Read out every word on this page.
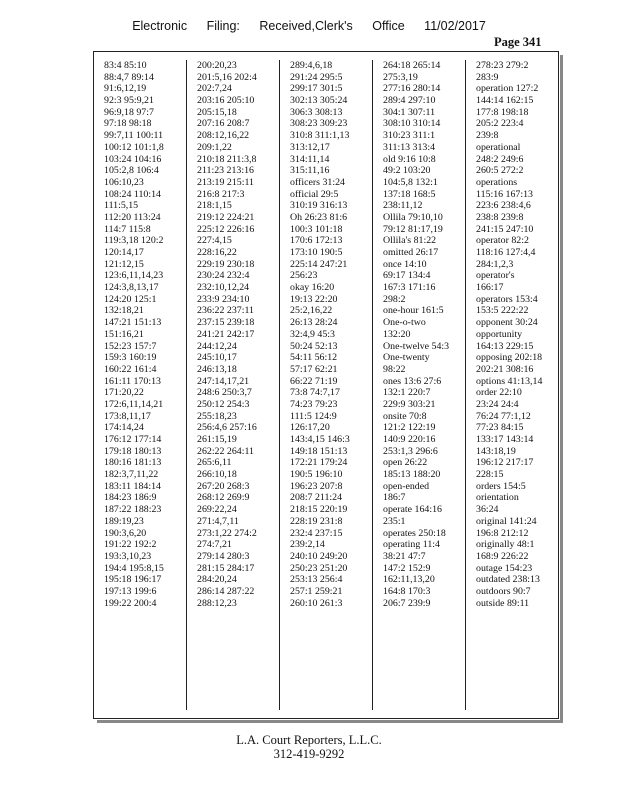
Electronic Filing: Received,Clerk's Office 11/02/2017
Page 341
83:4 85:10
88:4,7 89:14
91:6,12,19
92:3 95:9,21
96:9,18 97:7
97:18 98:18
99:7,11 100:11
100:12 101:1,8
103:24 104:16
105:2,8 106:4
106:10,23
108:24 110:14
111:5,15
112:20 113:24
114:7 115:8
119:3,18 120:2
120:14,17
121:12,15
123:6,11,14,23
124:3,8,13,17
124:20 125:1
132:18,21
147:21 151:13
151:16,21
152:23 157:7
159:3 160:19
160:22 161:4
161:11 170:13
171:20,22
172:6,11,14,21
173:8,11,17
174:14,24
176:12 177:14
179:18 180:13
180:16 181:13
182:3,7,11,22
183:11 184:14
184:23 186:9
187:22 188:23
189:19,23
190:3,6,20
191:22 192:2
193:3,10,23
194:4 195:8,15
195:18 196:17
197:13 199:6
199:22 200:4
200:20,23
201:5,16 202:4
202:7,24
203:16 205:10
205:15,18
207:16 208:7
208:12,16,22
209:1,22
210:18 211:3,8
211:23 213:16
213:19 215:11
216:8 217:3
218:1,15
219:12 224:21
225:12 226:16
227:4,15
228:16,22
229:19 230:18
230:24 232:4
232:10,12,24
233:9 234:10
236:22 237:11
237:15 239:18
241:21 242:17
244:12,24
245:10,17
246:13,18
247:14,17,21
248:6 250:3,7
250:12 254:3
255:18,23
256:4,6 257:16
261:15,19
262:22 264:11
265:6,11
266:10,18
267:20 268:3
268:12 269:9
269:22,24
271:4,7,11
273:1,22 274:2
274:7,21
279:14 280:3
281:15 284:17
284:20,24
286:14 287:22
288:12,23
289:4,6,18
291:24 295:5
299:17 301:5
302:13 305:24
306:3 308:13
308:23 309:23
310:8 311:1,13
313:12,17
314:11,14
315:11,16
officers 31:24
official 29:5
310:19 316:13
Oh 26:23 81:6
100:3 101:18
170:6 172:13
173:10 190:5
225:14 247:21
256:23
okay 16:20
19:13 22:20
25:2,16,22
26:13 28:24
32:4,9 45:3
50:24 52:13
54:11 56:12
57:17 62:21
66:22 71:19
73:8 74:7,17
74:23 79:23
111:5 124:9
126:17,20
143:4,15 146:3
149:18 151:13
172:21 179:24
190:5 196:10
196:23 207:8
208:7 211:24
218:15 220:19
228:19 231:8
232:4 237:15
239:2,14
240:10 249:20
250:23 251:20
253:13 256:4
257:1 259:21
260:10 261:3
264:18 265:14
275:3,19
277:16 280:14
289:4 297:10
304:1 307:11
308:10 310:14
310:23 311:1
311:13 313:4
old 9:16 10:8
49:2 103:20
104:5,8 132:1
137:18 168:5
238:11,12
Ollila 79:10,10
79:12 81:17,19
Ollila's 81:22
omitted 26:17
once 14:10
69:17 134:4
167:3 171:16
298:2
one-hour 161:5
One-o-two
132:20
One-twelve 54:3
One-twenty
98:22
ones 13:6 27:6
132:1 220:7
229:9 303:21
onsite 70:8
121:2 122:19
140:9 220:16
253:1,3 296:6
open 26:22
185:13 188:20
open-ended
186:7
operate 164:16
235:1
operates 250:18
operating 11:4
38:21 47:7
147:2 152:9
162:11,13,20
164:8 170:3
206:7 239:9
278:23 279:2
283:9
operation 127:2
144:14 162:15
177:8 198:18
205:2 223:4
239:8
operational
248:2 249:6
260:5 272:2
operations
115:16 167:13
223:6 238:4,6
238:8 239:8
241:15 247:10
operator 82:2
118:16 127:4,4
284:1,2,3
operator's
166:17
operators 153:4
153:5 222:22
opponent 30:24
opportunity
164:13 229:15
opposing 202:18
202:21 308:16
options 41:13,14
order 22:10
23:24 24:4
76:24 77:1,12
77:23 84:15
133:17 143:14
143:18,19
196:12 217:17
228:15
orders 154:5
orientation
36:24
original 141:24
196:8 212:12
originally 48:1
168:9 226:22
outage 154:23
outdated 238:13
outdoors 90:7
outside 89:11
L.A. Court Reporters, L.L.C.
312-419-9292
